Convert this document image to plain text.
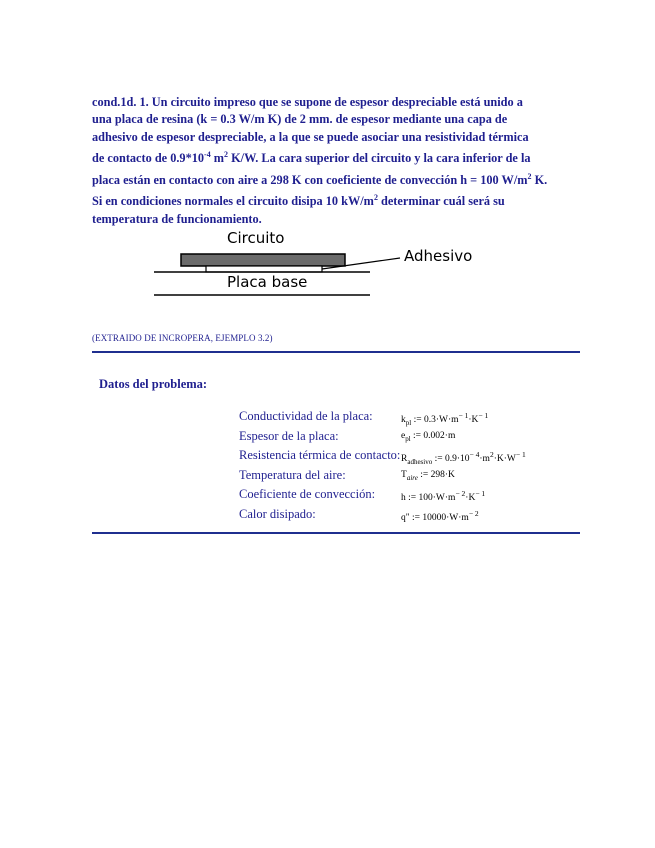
cond.1d. 1. Un circuito impreso que se supone de espesor despreciable está unido a
una placa de resina (k = 0.3 W/m K) de 2 mm. de espesor mediante una capa de
adhesivo de espesor despreciable, a la que se puede asociar una resistividad térmica
de contacto de $0.9*10^{-4}$ $m^2$ K/W. La cara superior del circuito y la cara inferior de la
placa están en contacto con aire a 298 K con coeficiente de convección h = 100 $W/m^2$ K.
Si en condiciones normales el circuito disipa 10 $kW/m^2$ determinar cuál será su
temperatura de funcionamiento.
Circuito
Adhesivo
Placa base
(EXTRAIDO DE INCROPERA, EJEMPLO 3.2)
Datos del problema:
Conductividad de la placa:	$k_{pl}$ := $0.3\cdot W\cdot m^{- 1}\cdot K^{- 1}$
Espesor de la placa:	$e_{pl}$ := 0.002·m
Resistencia térmica de contacto: $R_{adhesivo}$ := $0.9\cdot 10^{- 4}\cdot m^2\cdot K\cdot W^{- 1}$
Temperatura del aire:	$T_{aire}$ := 298·K
Coeficiente de convección:	h := $100\cdot W\cdot m^{- 2}\cdot K^{- 1}$
Calor disipado:	q" := $10000\cdot W\cdot m^{- 2}$
